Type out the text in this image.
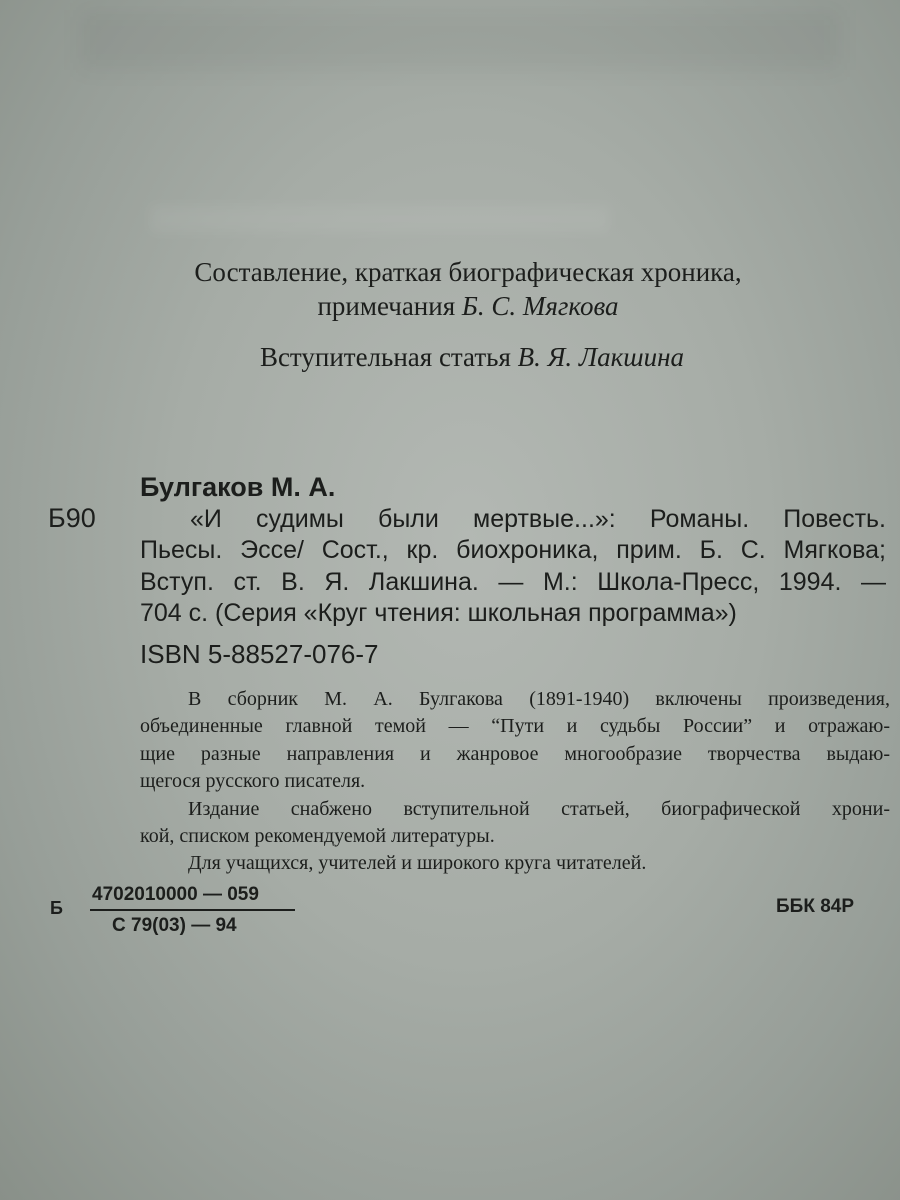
Составление, краткая биографическая хроника,
примечания Б. С. Мягкова
Вступительная статья В. Я. Лакшина
Булгаков М. А.
Б90	«И судимы были мертвые...»: Романы. Повесть.
Пьесы. Эссе/ Сост., кр. биохроника, прим. Б. С. Мягкова;
Вступ. ст. В. Я. Лакшина. — М.: Школа-Пресс, 1994. —
704 с. (Серия «Круг чтения: школьная программа»)
ISBN 5-88527-076-7
В сборник М. А. Булгакова (1891-1940) включены произведения,
объединенные главной темой — “Пути и судьбы России” и отражаю-
щие разные направления и жанровое многообразие творчества выдаю-
щегося русского писателя.
Издание снабжено вступительной статьей, биографической хрони-
кой, списком рекомендуемой литературы.
Для учащихся, учителей и широкого круга читателей.
Б
4702010000 — 059
С 79(03) — 94
ББК 84Р
